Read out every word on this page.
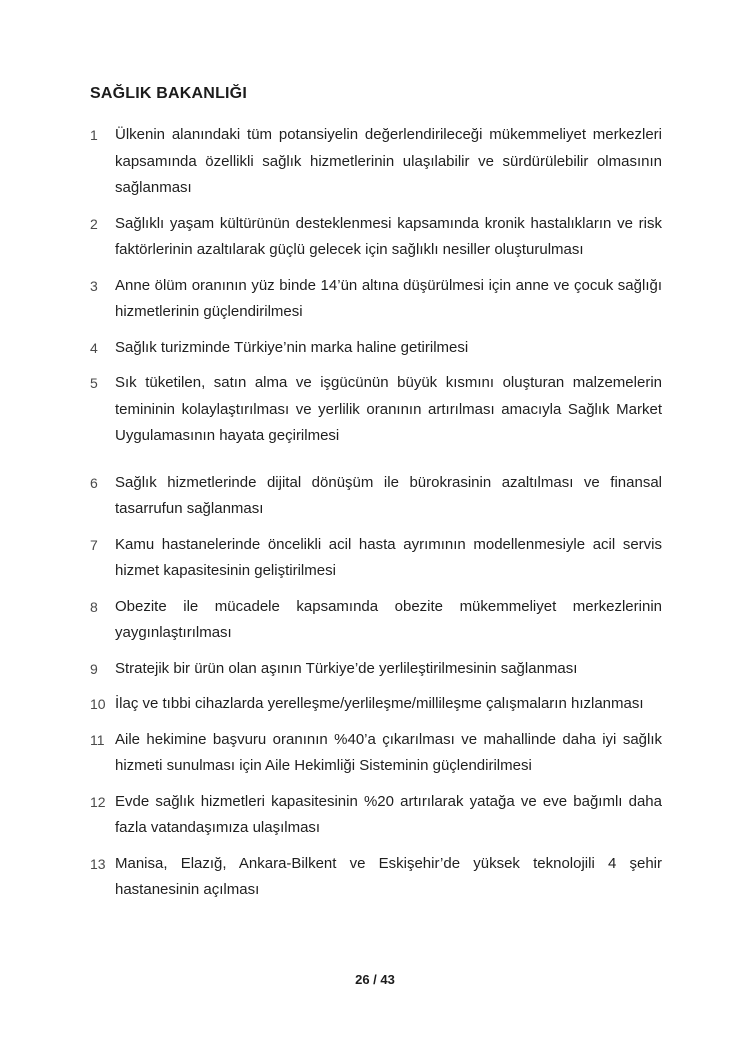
SAĞLIK BAKANLIĞI
1	Ülkenin alanındaki tüm potansiyelin değerlendirileceği mükemmeliyet merkezleri kapsamında özellikli sağlık hizmetlerinin ulaşılabilir ve sürdürülebilir olmasının sağlanması
2	Sağlıklı yaşam kültürünün desteklenmesi kapsamında kronik hastalıkların ve risk faktörlerinin azaltılarak güçlü gelecek için sağlıklı nesiller oluşturulması
3	Anne ölüm oranının yüz binde 14’ün altına düşürülmesi için anne ve çocuk sağlığı hizmetlerinin güçlendirilmesi
4	Sağlık turizminde Türkiye’nin marka haline getirilmesi
5	Sık tüketilen, satın alma ve işgücünün büyük kısmını oluşturan malzemelerin temininin kolaylaştırılması ve yerlilik oranının artırılması amacıyla Sağlık Market Uygulamasının hayata geçirilmesi
6	Sağlık hizmetlerinde dijital dönüşüm ile bürokrasinin azaltılması ve finansal tasarrufun sağlanması
7	Kamu hastanelerinde öncelikli acil hasta ayrımının modellenmesiyle acil servis hizmet kapasitesinin geliştirilmesi
8	Obezite ile mücadele kapsamında obezite mükemmeliyet merkezlerinin yaygınlaştırılması
9	Stratejik bir ürün olan aşının Türkiye’de yerlileştirilmesinin sağlanması
10 İlaç ve tıbbi cihazlarda yerelleşme/yerlileşme/millileşme çalışmaların hızlanması
11 Aile hekimine başvuru oranının %40’a çıkarılması ve mahallinde daha iyi sağlık hizmeti sunulması için Aile Hekimliği Sisteminin güçlendirilmesi
12 Evde sağlık hizmetleri kapasitesinin %20 artırılarak yatağa ve eve bağımlı daha fazla vatandaşımıza ulaşılması
13 Manisa, Elazığ, Ankara-Bilkent ve Eskişehir’de yüksek teknolojili 4 şehir hastanesinin açılması
26 / 43
